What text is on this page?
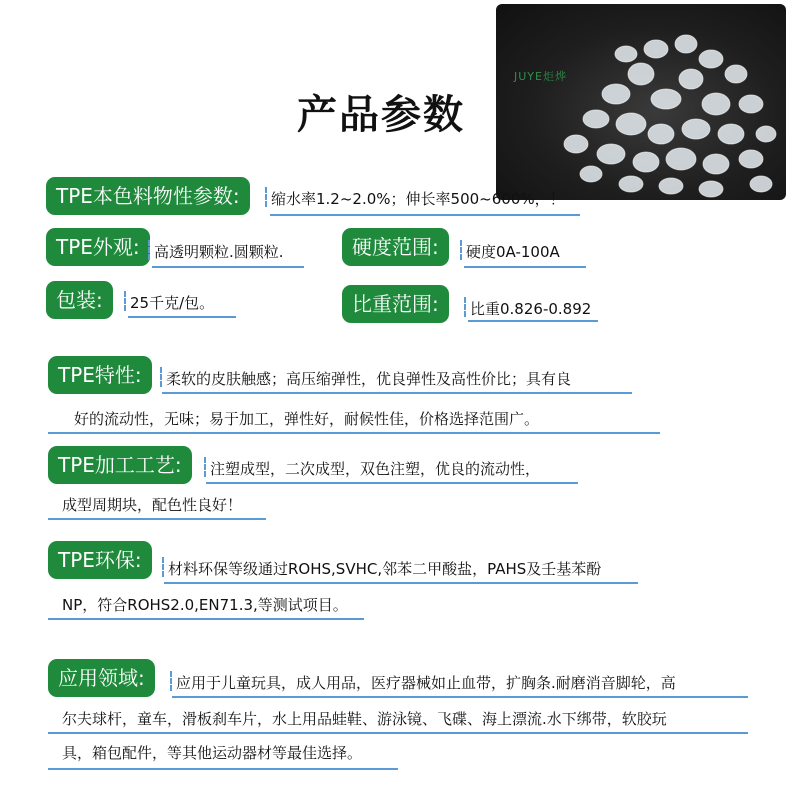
产品参数
JUYE炬烨
TPE本色料物性参数:	缩水率1.2~2.0%；伸长率500~600%，！
TPE外观: 高透明颗粒.圆颗粒.	硬度范围:	硬度0A-100A
包装:	25千克/包。	比重范围:	比重0.826-0.892
TPE特性:	柔软的皮肤触感；高压缩弹性，优良弹性及高性价比；具有良
好的流动性，无味；易于加工，弹性好，耐候性佳，价格选择范围广。
TPE加工工艺:	注塑成型，二次成型，双色注塑，优良的流动性，
成型周期块，配色性良好！
TPE环保:	材料环保等级通过ROHS,SVHC,邻苯二甲酸盐，PAHS及壬基苯酚
NP，符合ROHS2.0,EN71.3,等测试项目。
应用领域:	应用于儿童玩具，成人用品，医疗器械如止血带，扩胸条.耐磨消音脚轮，高
尔夫球杆，童车，滑板刹车片，水上用品蛙鞋、游泳镜、飞碟、海上漂流.水下绑带，软胶玩
具，箱包配件，等其他运动器材等最佳选择。
